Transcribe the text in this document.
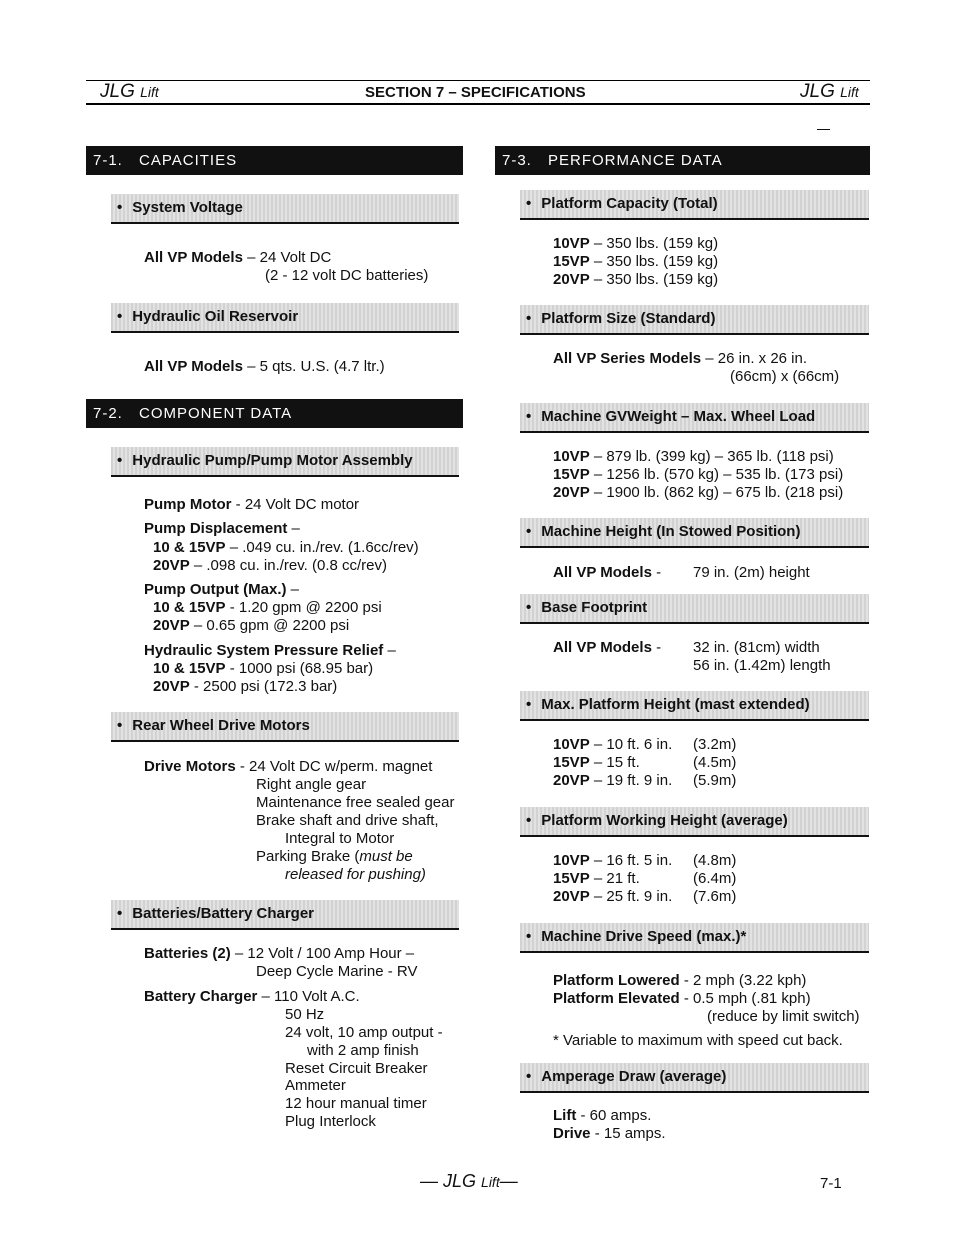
JLG Lift	SECTION 7 – SPECIFICATIONS	JLG Lift
7-1. CAPACITIES
• System Voltage
All VP Models – 24 Volt DC
(2 - 12 volt DC batteries)
• Hydraulic Oil Reservoir
All VP Models – 5 qts. U.S. (4.7 ltr.)
7-2. COMPONENT DATA
• Hydraulic Pump/Pump Motor Assembly
Pump Motor - 24 Volt DC motor
Pump Displacement –
10 & 15VP – .049 cu. in./rev. (1.6cc/rev)
20VP – .098 cu. in./rev. (0.8 cc/rev)
Pump Output (Max.) –
10 & 15VP - 1.20 gpm @ 2200 psi
20VP – 0.65 gpm @ 2200 psi
Hydraulic System Pressure Relief –
10 & 15VP - 1000 psi (68.95 bar)
20VP - 2500 psi (172.3 bar)
• Rear Wheel Drive Motors
Drive Motors - 24 Volt DC w/perm. magnet
Right angle gear
Maintenance free sealed gear
Brake shaft and drive shaft,
Integral to Motor
Parking Brake (must be
released for pushing)
• Batteries/Battery Charger
Batteries (2) – 12 Volt / 100 Amp Hour –
Deep Cycle Marine - RV
Battery Charger – 110 Volt A.C.
50 Hz
24 volt, 10 amp output -
with 2 amp finish
Reset Circuit Breaker
Ammeter
12 hour manual timer
Plug Interlock
7-3. PERFORMANCE DATA
• Platform Capacity (Total)
10VP – 350 lbs. (159 kg)
15VP – 350 lbs. (159 kg)
20VP – 350 lbs. (159 kg)
• Platform Size (Standard)
All VP Series Models – 26 in. x 26 in.
(66cm) x (66cm)
• Machine GVWeight – Max. Wheel Load
10VP – 879 lb. (399 kg) – 365 lb. (118 psi)
15VP – 1256 lb. (570 kg) – 535 lb. (173 psi)
20VP – 1900 lb. (862 kg) – 675 lb. (218 psi)
• Machine Height (In Stowed Position)
All VP Models - 79 in. (2m) height
• Base Footprint
All VP Models - 32 in. (81cm) width
56 in. (1.42m) length
• Max. Platform Height (mast extended)
10VP – 10 ft. 6 in. (3.2m)
15VP – 15 ft.	(4.5m)
20VP – 19 ft. 9 in. (5.9m)
• Platform Working Height (average)
10VP – 16 ft. 5 in. (4.8m)
15VP – 21 ft.	(6.4m)
20VP – 25 ft. 9 in. (7.6m)
• Machine Drive Speed (max.)*
Platform Lowered - 2 mph (3.22 kph)
Platform Elevated - 0.5 mph (.81 kph)
(reduce by limit switch)
* Variable to maximum with speed cut back.
• Amperage Draw (average)
Lift - 60 amps.
Drive - 15 amps.
— JLG Lift—	7-1
